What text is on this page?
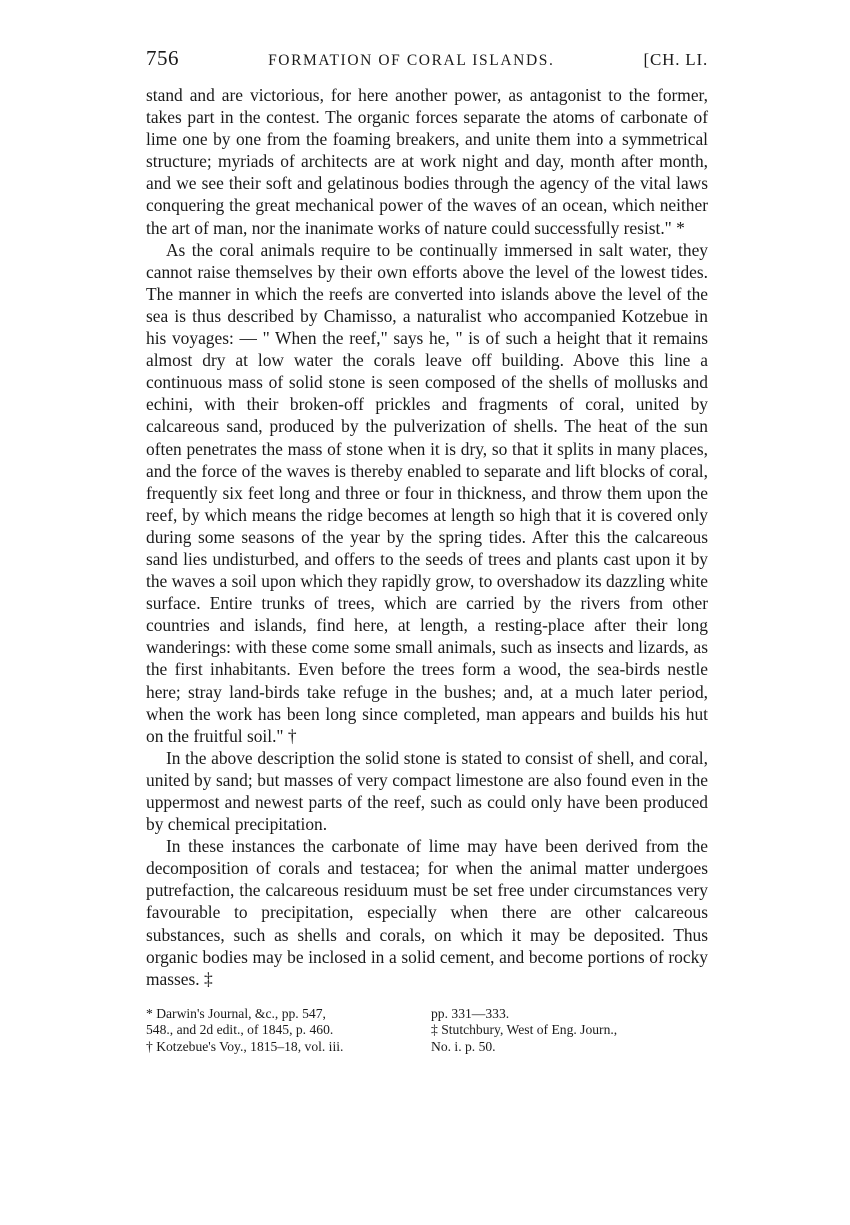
756	FORMATION OF CORAL ISLANDS.	[CH. LI.

stand and are victorious, for here another power, as antagonist to the former, takes part in the contest. The organic forces separate the atoms of carbonate of lime one by one from the foaming breakers, and unite them into a symmetrical structure; myriads of architects are at work night and day, month after month, and we see their soft and gelatinous bodies through the agency of the vital laws conquering the great mechanical power of the waves of an ocean, which neither the art of man, nor the inanimate works of nature could successfully resist." *

As the coral animals require to be continually immersed in salt water, they cannot raise themselves by their own efforts above the level of the lowest tides. The manner in which the reefs are converted into islands above the level of the sea is thus described by Chamisso, a naturalist who accompanied Kotzebue in his voyages: — " When the reef," says he, " is of such a height that it remains almost dry at low water the corals leave off building. Above this line a continuous mass of solid stone is seen composed of the shells of mollusks and echini, with their broken-off prickles and fragments of coral, united by calcareous sand, produced by the pulverization of shells. The heat of the sun often penetrates the mass of stone when it is dry, so that it splits in many places, and the force of the waves is thereby enabled to separate and lift blocks of coral, frequently six feet long and three or four in thickness, and throw them upon the reef, by which means the ridge becomes at length so high that it is covered only during some seasons of the year by the spring tides. After this the calcareous sand lies undisturbed, and offers to the seeds of trees and plants cast upon it by the waves a soil upon which they rapidly grow, to overshadow its dazzling white surface. Entire trunks of trees, which are carried by the rivers from other countries and islands, find here, at length, a resting-place after their long wanderings: with these come some small animals, such as insects and lizards, as the first inhabitants. Even before the trees form a wood, the sea-birds nestle here; stray land-birds take refuge in the bushes; and, at a much later period, when the work has been long since completed, man appears and builds his hut on the fruitful soil." †

In the above description the solid stone is stated to consist of shell, and coral, united by sand; but masses of very compact limestone are also found even in the uppermost and newest parts of the reef, such as could only have been produced by chemical precipitation.

In these instances the carbonate of lime may have been derived from the decomposition of corals and testacea; for when the animal matter undergoes putrefaction, the calcareous residuum must be set free under circumstances very favourable to precipitation, especially when there are other calcareous substances, such as shells and corals, on which it may be deposited. Thus organic bodies may be inclosed in a solid cement, and become portions of rocky masses. ‡

* Darwin's Journal, &c., pp. 547,
548., and 2d edit., of 1845, p. 460.
† Kotzebue's Voy., 1815–18, vol. iii.
pp. 331—333.
‡ Stutchbury, West of Eng. Journ.,
No. i. p. 50.
